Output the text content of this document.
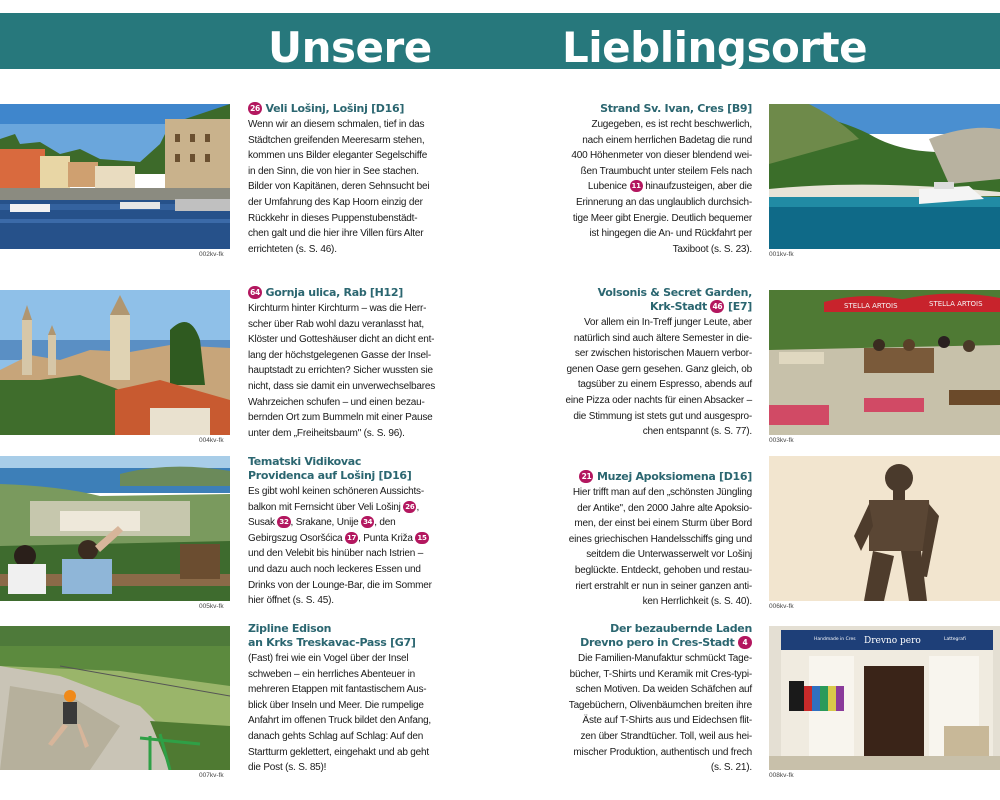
Unsere	Lieblingsorte
002kv-fk
004kv-fk
005kv-fk
007kv-fk
001kv-fk
STELLA ARTOIS	STELLA ARTOIS
003kv-fk
006kv-fk
Handmade in Cres Drevno pero	Lattegrafi
008kv-fk
26 Veli Lošinj, Lošinj [D16]
Wenn wir an diesem schmalen, tief in das
Städtchen greifenden Meeresarm stehen,
kommen uns Bilder eleganter Segelschiffe
in den Sinn, die von hier in See stachen.
Bilder von Kapitänen, deren Sehnsucht bei
der Umfahrung des Kap Hoorn einzig der
Rückkehr in dieses Puppenstubenstädt-
chen galt und die hier ihre Villen fürs Alter
errichteten (s. S. 46).
64 Gornja ulica, Rab [H12]
Kirchturm hinter Kirchturm – was die Herr-
scher über Rab wohl dazu veranlasst hat,
Klöster und Gotteshäuser dicht an dicht ent-
lang der höchstgelegenen Gasse der Insel-
hauptstadt zu errichten? Sicher wussten sie
nicht, dass sie damit ein unverwechselbares
Wahrzeichen schufen – und einen bezau-
bernden Ort zum Bummeln mit einer Pause
unter dem „Freiheitsbaum" (s. S. 96).
Tematski Vidikovac
Providenca auf Lošinj [D16]
Es gibt wohl keinen schöneren Aussichts-
balkon mit Fernsicht über Veli Lošinj 26 ,
Susak 32 , Srakane, Unije 34 , den
Gebirgszug Osoršćica 17 , Punta Križa 15
und den Velebit bis hinüber nach Istrien –
und dazu auch noch leckeres Essen und
Drinks von der Lounge-Bar, die im Sommer
hier öffnet (s. S. 45).
Zipline Edison
an Krks Treskavac-Pass [G7]
(Fast) frei wie ein Vogel über der Insel
schweben – ein herrliches Abenteuer in
mehreren Etappen mit fantastischem Aus-
blick über Inseln und Meer. Die rumpelige
Anfahrt im offenen Truck bildet den Anfang,
danach gehts Schlag auf Schlag: Auf den
Startturm geklettert, eingehakt und ab geht
die Post (s. S. 85)!
Strand Sv. Ivan, Cres [B9]
Zugegeben, es ist recht beschwerlich,
nach einem herrlichen Badetag die rund
400 Höhenmeter von dieser blendend wei-
ßen Traumbucht unter steilem Fels nach
Lubenice 11 hinaufzusteigen, aber die
Erinnerung an das unglaublich durchsich-
tige Meer gibt Energie. Deutlich bequemer
ist hingegen die An- und Rückfahrt per
Taxiboot (s. S. 23).
Volsonis & Secret Garden,
Krk-Stadt 46 [E7]
Vor allem ein In-Treff junger Leute, aber
natürlich sind auch ältere Semester in die-
ser zwischen historischen Mauern verbor-
genen Oase gern gesehen. Ganz gleich, ob
tagsüber zu einem Espresso, abends auf
eine Pizza oder nachts für einen Absacker –
die Stimmung ist stets gut und ausgespro-
chen entspannt (s. S. 77).
21 Muzej Apoksiomena [D16]
Hier trifft man auf den „schönsten Jüngling
der Antike", den 2000 Jahre alte Apoksio-
men, der einst bei einem Sturm über Bord
eines griechischen Handelsschiffs ging und
seitdem die Unterwasserwelt vor Lošinj
beglückte. Entdeckt, gehoben und restau-
riert erstrahlt er nun in seiner ganzen anti-
ken Herrlichkeit (s. S. 40).
Der bezaubernde Laden
Drevno pero in Cres-Stadt 4
Die Familien-Manufaktur schmückt Tage-
bücher, T-Shirts und Keramik mit Cres-typi-
schen Motiven. Da weiden Schäfchen auf
Tagebüchern, Olivenbäumchen breiten ihre
Äste auf T-Shirts aus und Eidechsen flit-
zen über Strandtücher. Toll, weil aus hei-
mischer Produktion, authentisch und frech
(s. S. 21).
